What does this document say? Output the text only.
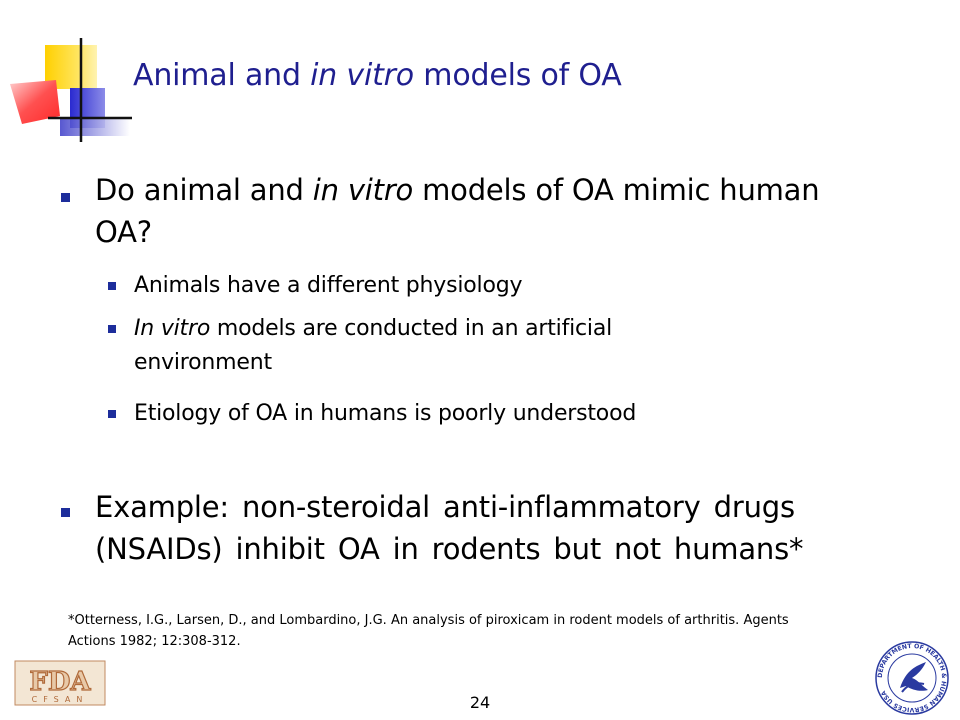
Animal and in vitro models of OA

Do animal and in vitro models of OA mimic human
OA?

Animals have a different physiology

In vitro models are conducted in an artificial
environment

Etiology of OA in humans is poorly understood

Example: non-steroidal anti-inflammatory drugs
(NSAIDs) inhibit OA in rodents but not humans*

*Otterness, I.G., Larsen, D., and Lombardino, J.G. An analysis of piroxicam in rodent models of arthritis. Agents
Actions 1982; 12:308-312.

FDA
CFSAN	24
DEPARTMENT OF HEALTH & HUMAN SERVICES USA
